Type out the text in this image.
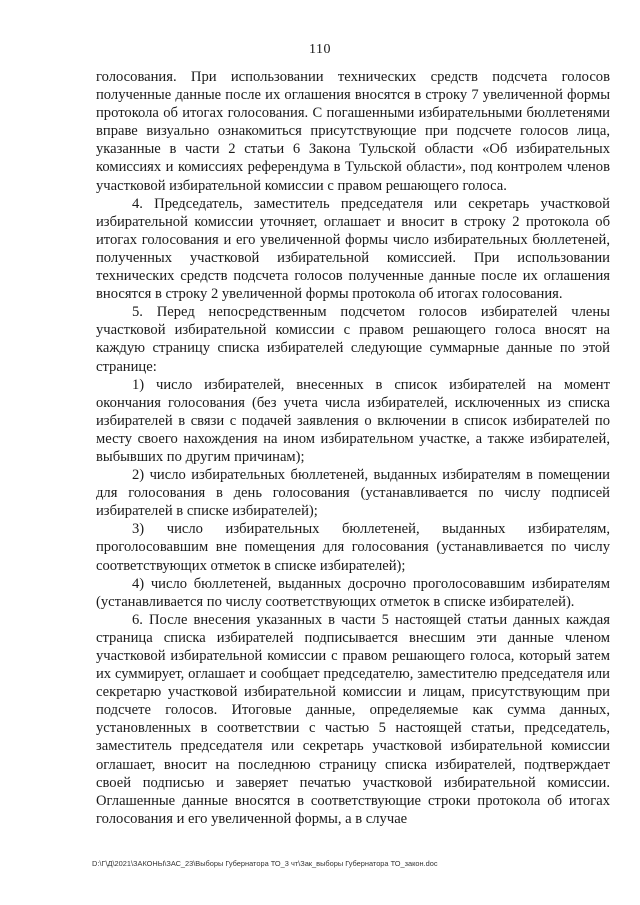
110

голосования. При использовании технических средств подсчета голосов полученные данные после их оглашения вносятся в строку 7 увеличенной формы протокола об итогах голосования. С погашенными избирательными бюллетенями вправе визуально ознакомиться присутствующие при подсчете голосов лица, указанные в части 2 статьи 6 Закона Тульской области «Об избирательных комиссиях и комиссиях референдума в Тульской области», под контролем членов участковой избирательной комиссии с правом решающего голоса.

4. Председатель, заместитель председателя или секретарь участковой избирательной комиссии уточняет, оглашает и вносит в строку 2 протокола об итогах голосования и его увеличенной формы число избирательных бюллетеней, полученных участковой избирательной комиссией. При использовании технических средств подсчета голосов полученные данные после их оглашения вносятся в строку 2 увеличенной формы протокола об итогах голосования.

5. Перед непосредственным подсчетом голосов избирателей члены участковой избирательной комиссии с правом решающего голоса вносят на каждую страницу списка избирателей следующие суммарные данные по этой странице:

1) число избирателей, внесенных в список избирателей на момент окончания голосования (без учета числа избирателей, исключенных из списка избирателей в связи с подачей заявления о включении в список избирателей по месту своего нахождения на ином избирательном участке, а также избирателей, выбывших по другим причинам);

2) число избирательных бюллетеней, выданных избирателям в помещении для голосования в день голосования (устанавливается по числу подписей избирателей в списке избирателей);

3) число избирательных бюллетеней, выданных избирателям, проголосовавшим вне помещения для голосования (устанавливается по числу соответствующих отметок в списке избирателей);

4) число бюллетеней, выданных досрочно проголосовавшим избирателям (устанавливается по числу соответствующих отметок в списке избирателей).

6. После внесения указанных в части 5 настоящей статьи данных каждая страница списка избирателей подписывается внесшим эти данные членом участковой избирательной комиссии с правом решающего голоса, который затем их суммирует, оглашает и сообщает председателю, заместителю председателя или секретарю участковой избирательной комиссии и лицам, присутствующим при подсчете голосов. Итоговые данные, определяемые как сумма данных, установленных в соответствии с частью 5 настоящей статьи, председатель, заместитель председателя или секретарь участковой избирательной комиссии оглашает, вносит на последнюю страницу списка избирателей, подтверждает своей подписью и заверяет печатью участковой избирательной комиссии. Оглашенные данные вносятся в соответствующие строки протокола об итогах голосования и его увеличенной формы, а в случае

D:\Г\Д\2021\ЗАКОНЫ\ЗАС_23\Выборы Губернатора ТО_3 чт\Зак_выборы Губернатора ТО_закон.doc
